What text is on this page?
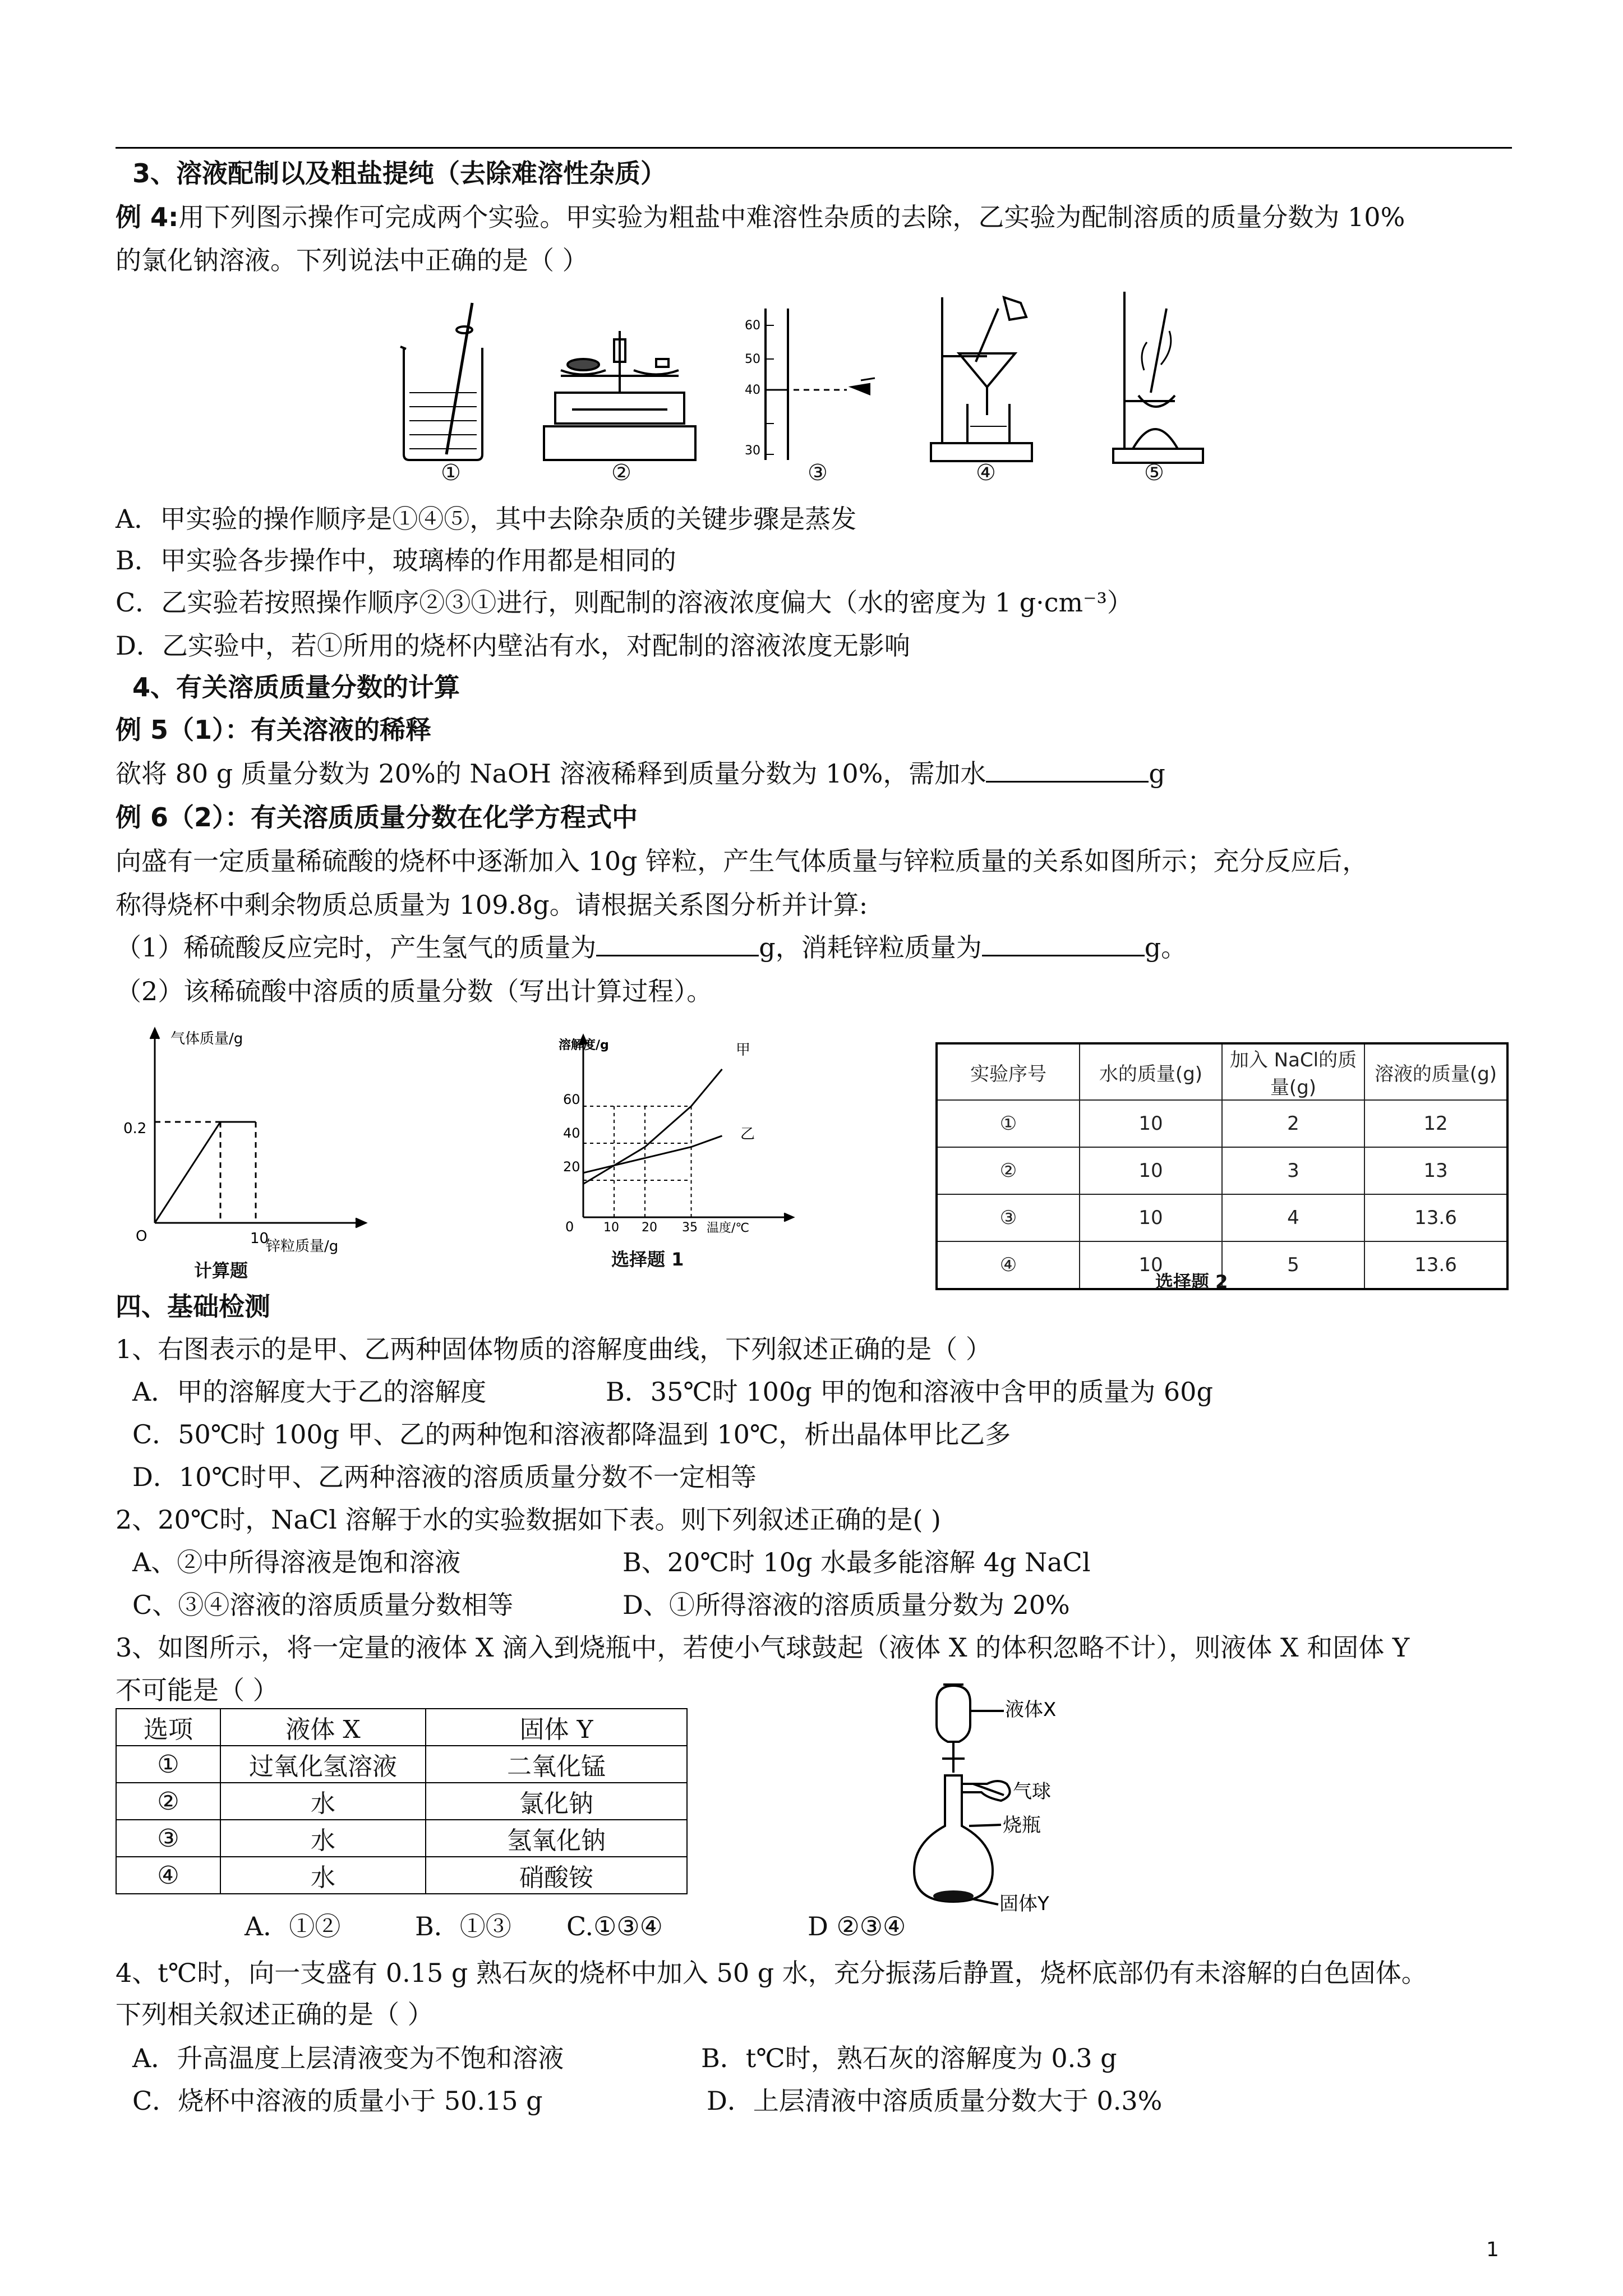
3、溶液配制以及粗盐提纯（去除难溶性杂质）
例 4:用下列图示操作可完成两个实验。甲实验为粗盐中难溶性杂质的去除，乙实验为配制溶质的质量分数为 10%
的氯化钠溶液。下列说法中正确的是（ ）
60
50
40
30
①	②	③	④	⑤
A．甲实验的操作顺序是①④⑤，其中去除杂质的关键步骤是蒸发
B．甲实验各步操作中，玻璃棒的作用都是相同的
C．乙实验若按照操作顺序②③①进行，则配制的溶液浓度偏大（水的密度为 1 g·cm⁻³）
D．乙实验中，若①所用的烧杯内壁沾有水，对配制的溶液浓度无影响
4、有关溶质质量分数的计算
例 5（1）：有关溶液的稀释
欲将 80 g 质量分数为 20%的 NaOH 溶液稀释到质量分数为 10%，需加水	g
例 6（2）：有关溶质质量分数在化学方程式中
向盛有一定质量稀硫酸的烧杯中逐渐加入 10g 锌粒，产生气体质量与锌粒质量的关系如图所示；充分反应后，
称得烧杯中剩余物质总质量为 109.8g。请根据关系图分析并计算:
（1）稀硫酸反应完时，产生氢气的质量为	g，消耗锌粒质量为	g。
（2）该稀硫酸中溶质的质量分数（写出计算过程）。
气体质量/g
0.2
O	10
锌粒质量/g
计算题
溶解度/g
60
40
20
0 10 20 35 温度/℃
甲
乙
选择题 1
实验序号	水的质量(g)	加入 NaCl的质量(g)	溶液的质量(g)
①	10	2	12
②	10	3	13
③	10	4	13.6
④	10	5	13.6
选择题 2
四、基础检测
1、右图表示的是甲、乙两种固体物质的溶解度曲线，下列叙述正确的是（ ）
A．甲的溶解度大于乙的溶解度	B．35℃时 100g 甲的饱和溶液中含甲的质量为 60g
C．50℃时 100g 甲、乙的两种饱和溶液都降温到 10℃，析出晶体甲比乙多
D．10℃时甲、乙两种溶液的溶质质量分数不一定相等
2、20℃时，NaCl 溶解于水的实验数据如下表。则下列叙述正确的是( )
A、②中所得溶液是饱和溶液	B、20℃时 10g 水最多能溶解 4g NaCl
C、③④溶液的溶质质量分数相等	D、①所得溶液的溶质质量分数为 20%
3、如图所示，将一定量的液体 X 滴入到烧瓶中，若使小气球鼓起（液体 X 的体积忽略不计），则液体 X 和固体 Y
不可能是（ ）
选项	液体 X	固体 Y
①	过氧化氢溶液	二氧化锰
②	水	氯化钠
③	水	氢氧化钠
④	水	硝酸铵
液体X
气球
烧瓶
固体Y
A．①②	B．①③ C.①③④	D ②③④
4、t℃时，向一支盛有 0.15 g 熟石灰的烧杯中加入 50 g 水，充分振荡后静置，烧杯底部仍有未溶解的白色固体。
下列相关叙述正确的是（ ）
A．升高温度上层清液变为不饱和溶液	B．t℃时，熟石灰的溶解度为 0.3 g
C．烧杯中溶液的质量小于 50.15 g	D．上层清液中溶质质量分数大于 0.3%
1
